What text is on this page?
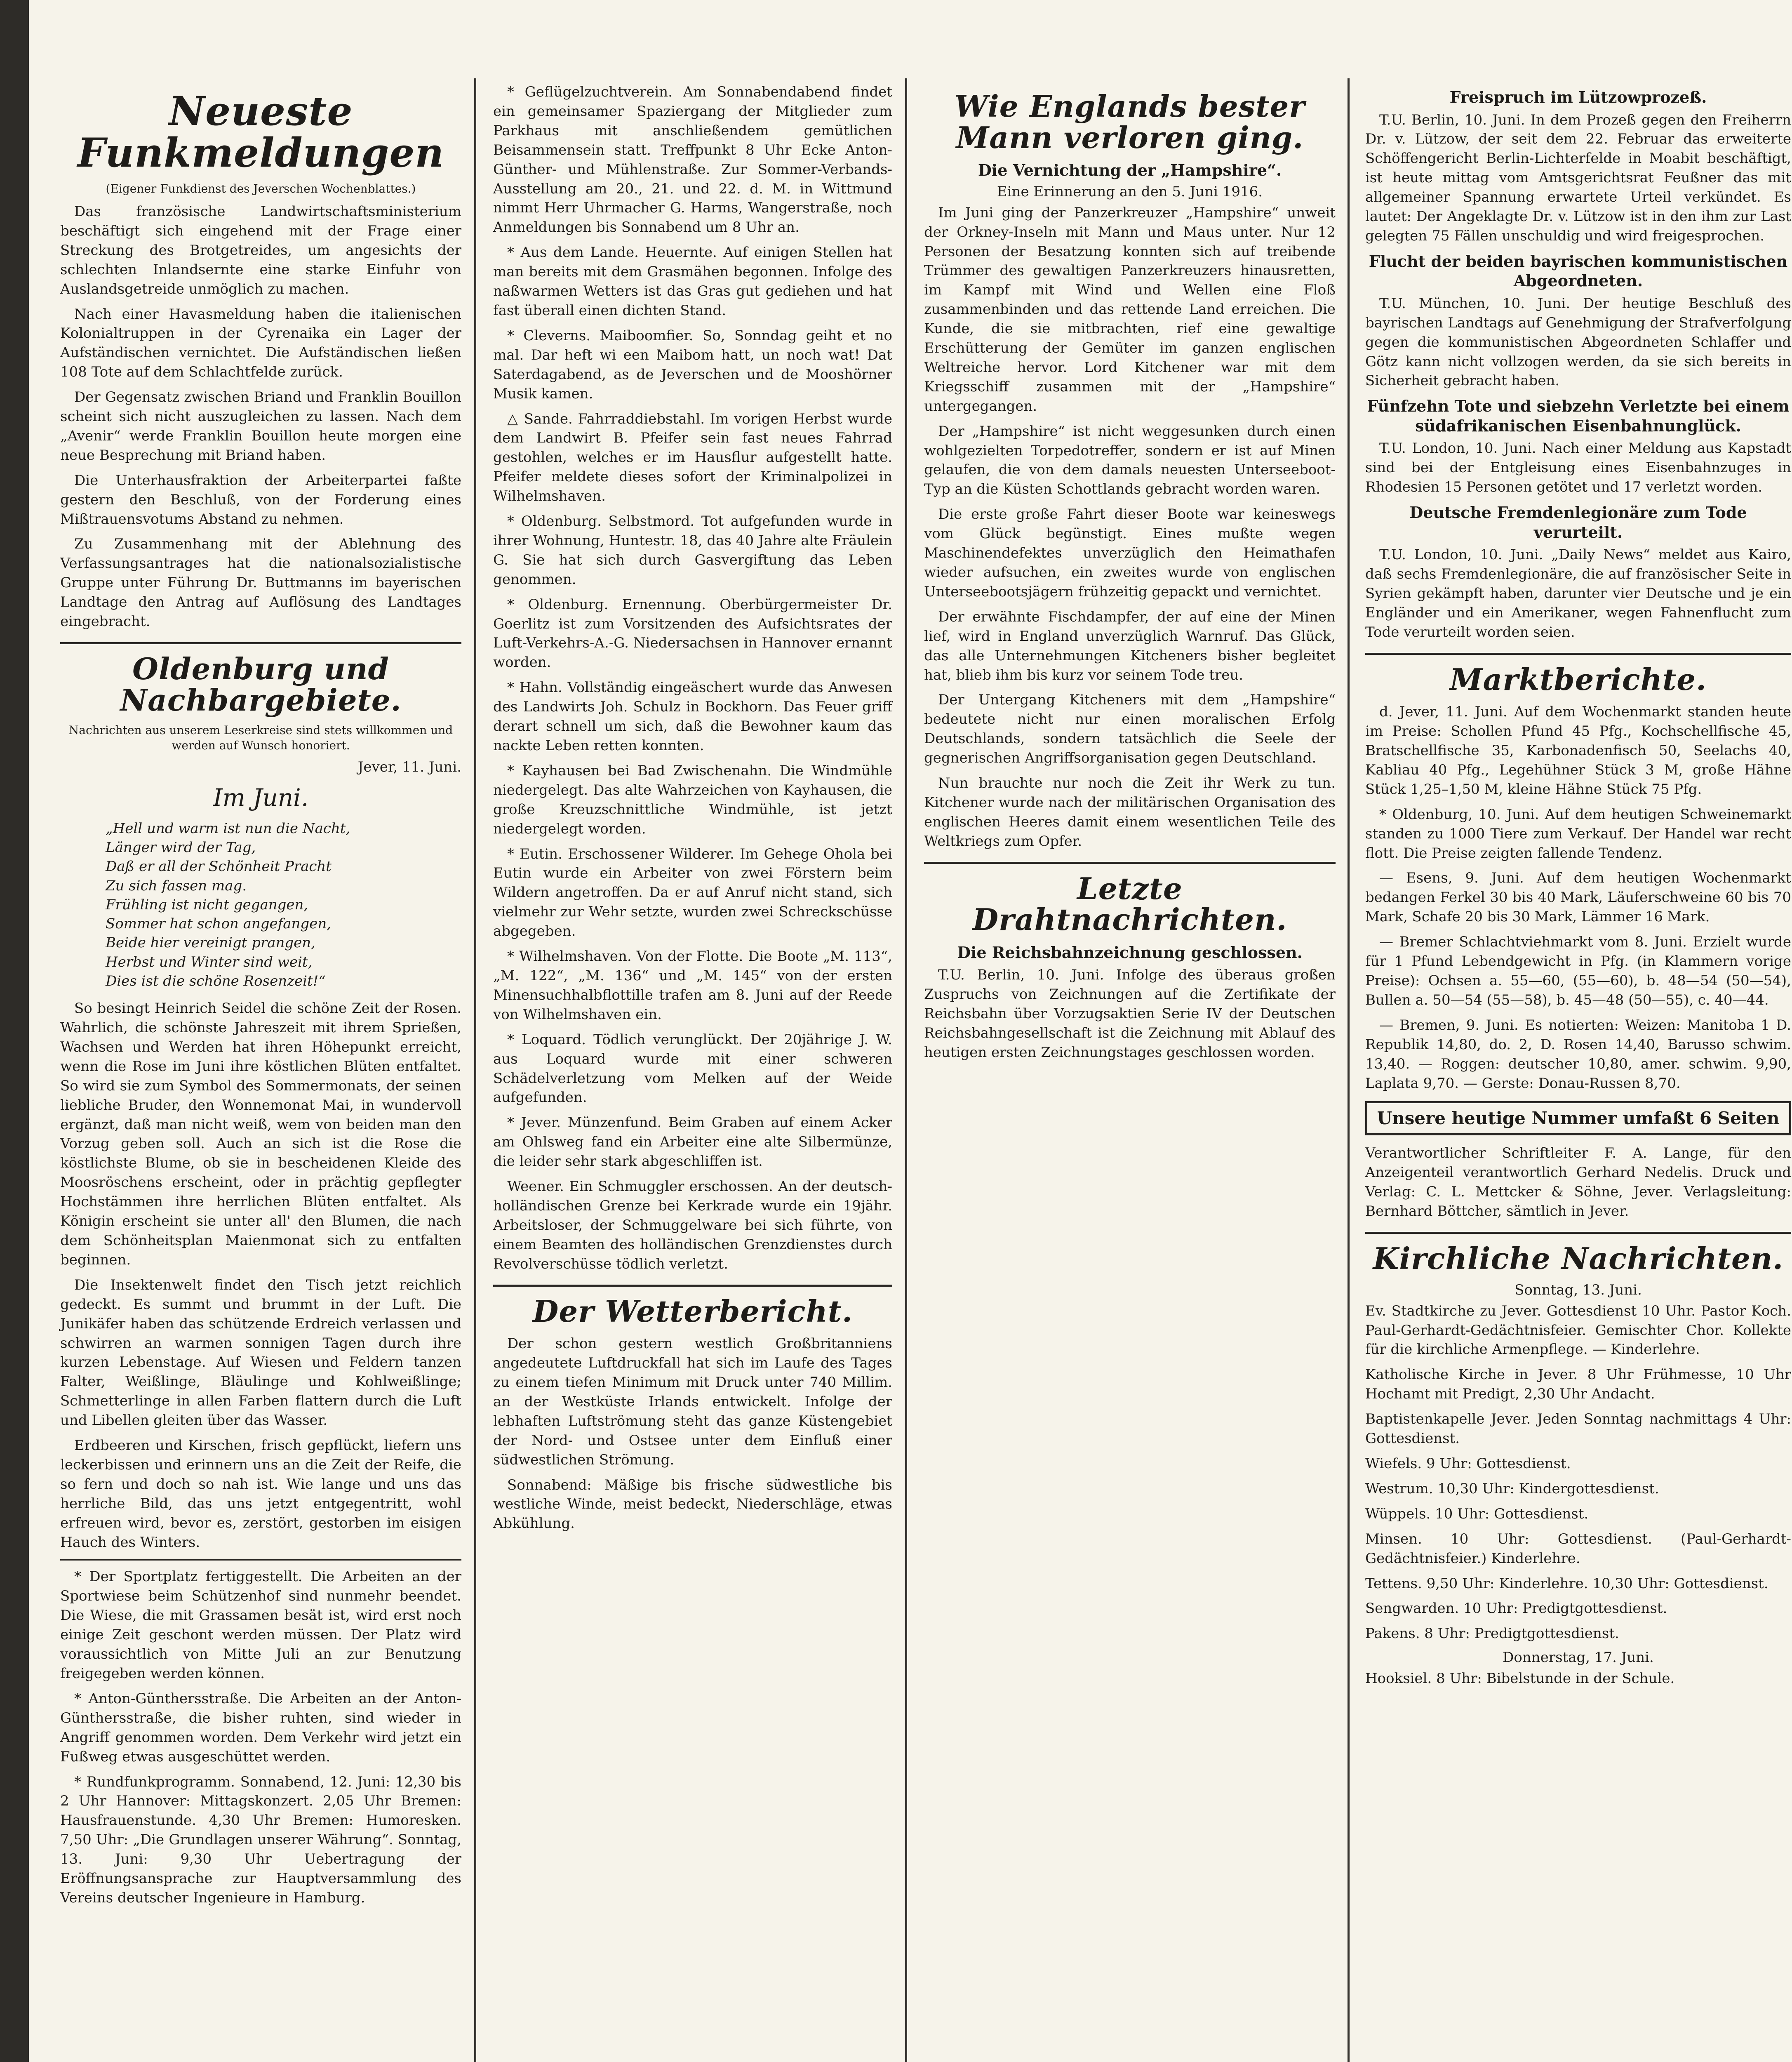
Neueste Funkmeldungen
(Eigener Funkdienst des Jeverschen Wochenblattes.)
Das französische Landwirtschaftsministerium beschäftigt sich eingehend mit der Frage einer Streckung des Brotgetreides, um angesichts der schlechten Inlandsernte eine starke Einfuhr von Auslandsgetreide unmöglich zu machen.
Nach einer Havasmeldung haben die italienischen Kolonialtruppen in der Cyrenaika ein Lager der Aufständischen vernichtet. Die Aufständischen ließen 108 Tote auf dem Schlachtfelde zurück.
Der Gegensatz zwischen Briand und Franklin Bouillon scheint sich nicht auszugleichen zu lassen. Nach dem „Avenir“ werde Franklin Bouillon heute morgen eine neue Besprechung mit Briand haben.
Die Unterhausfraktion der Arbeiterpartei faßte gestern den Beschluß, von der Forderung eines Mißtrauensvotums Abstand zu nehmen.
Zu Zusammenhang mit der Ablehnung des Verfassungsantrages hat die nationalsozialistische Gruppe unter Führung Dr. Buttmanns im bayerischen Landtage den Antrag auf Auflösung des Landtages eingebracht.
Oldenburg und Nachbargebiete.
Nachrichten aus unserem Leserkreise sind stets willkommen und werden auf Wunsch honoriert.
Jever, 11. Juni.
Im Juni.
„Hell und warm ist nun die Nacht,
Länger wird der Tag,
Daß er all der Schönheit Pracht
Zu sich fassen mag.
Frühling ist nicht gegangen,
Sommer hat schon angefangen,
Beide hier vereinigt prangen,
Herbst und Winter sind weit,
Dies ist die schöne Rosenzeit!“
So besingt Heinrich Seidel die schöne Zeit der Rosen. Wahrlich, die schönste Jahreszeit mit ihrem Sprießen, Wachsen und Werden hat ihren Höhepunkt erreicht, wenn die Rose im Juni ihre köstlichen Blüten entfaltet. So wird sie zum Symbol des Sommermonats, der seinen liebliche Bruder, den Wonnemonat Mai, in wundervoll ergänzt, daß man nicht weiß, wem von beiden man den Vorzug geben soll. Auch an sich ist die Rose die köstlichste Blume, ob sie in bescheidenen Kleide des Moosröschens erscheint, oder in prächtig gepflegter Hochstämmen ihre herrlichen Blüten entfaltet. Als Königin erscheint sie unter all' den Blumen, die nach dem Schönheitsplan Maienmonat sich zu entfalten beginnen.
Die Insektenwelt findet den Tisch jetzt reichlich gedeckt. Es summt und brummt in der Luft. Die Junikäfer haben das schützende Erdreich verlassen und schwirren an warmen sonnigen Tagen durch ihre kurzen Lebenstage. Auf Wiesen und Feldern tanzen Falter, Weißlinge, Bläulinge und Kohlweißlinge; Schmetterlinge in allen Farben flattern durch die Luft und Libellen gleiten über das Wasser.
Erdbeeren und Kirschen, frisch gepflückt, liefern uns leckerbissen und erinnern uns an die Zeit der Reife, die so fern und doch so nah ist. Wie lange und uns das herrliche Bild, das uns jetzt entgegentritt, wohl erfreuen wird, bevor es, zerstört, gestorben im eisigen Hauch des Winters.
* Der Sportplatz fertiggestellt. Die Arbeiten an der Sportwiese beim Schützenhof sind nunmehr beendet. Die Wiese, die mit Grassamen besät ist, wird erst noch einige Zeit geschont werden müssen. Der Platz wird voraussichtlich von Mitte Juli an zur Benutzung freigegeben werden können.
* Anton-Günthersstraße. Die Arbeiten an der Anton-Günthersstraße, die bisher ruhten, sind wieder in Angriff genommen worden. Dem Verkehr wird jetzt ein Fußweg etwas ausgeschüttet werden.
* Rundfunkprogramm. Sonnabend, 12. Juni: 12,30 bis 2 Uhr Hannover: Mittagskonzert. 2,05 Uhr Bremen: Hausfrauenstunde. 4,30 Uhr Bremen: Humoresken. 7,50 Uhr: „Die Grundlagen unserer Währung“. Sonntag, 13. Juni: 9,30 Uhr Uebertragung der Eröffnungsansprache zur Hauptversammlung des Vereins deutscher Ingenieure in Hamburg.
* Geflügelzuchtverein. Am Sonnabendabend findet ein gemeinsamer Spaziergang der Mitglieder zum Parkhaus mit anschließendem gemütlichen Beisammensein statt. Treffpunkt 8 Uhr Ecke Anton-Günther- und Mühlenstraße. Zur Sommer-Verbands-Ausstellung am 20., 21. und 22. d. M. in Wittmund nimmt Herr Uhrmacher G. Harms, Wangerstraße, noch Anmeldungen bis Sonnabend um 8 Uhr an.
* Aus dem Lande. Heuernte. Auf einigen Stellen hat man bereits mit dem Grasmähen begonnen. Infolge des naßwarmen Wetters ist das Gras gut gediehen und hat fast überall einen dichten Stand.
* Cleverns. Maiboomfier. So, Sonndag geiht et no mal. Dar heft wi een Maibom hatt, un noch wat! Dat Saterdagabend, as de Jeverschen und de Mooshörner Musik kamen.
△ Sande. Fahrraddiebstahl. Im vorigen Herbst wurde dem Landwirt B. Pfeifer sein fast neues Fahrrad gestohlen, welches er im Hausflur aufgestellt hatte. Pfeifer meldete dieses sofort der Kriminalpolizei in Wilhelmshaven.
* Oldenburg. Selbstmord. Tot aufgefunden wurde in ihrer Wohnung, Huntestr. 18, das 40 Jahre alte Fräulein G. Sie hat sich durch Gasvergiftung das Leben genommen.
* Oldenburg. Ernennung. Oberbürgermeister Dr. Goerlitz ist zum Vorsitzenden des Aufsichtsrates der Luft-Verkehrs-A.-G. Niedersachsen in Hannover ernannt worden.
* Hahn. Vollständig eingeäschert wurde das Anwesen des Landwirts Joh. Schulz in Bockhorn. Das Feuer griff derart schnell um sich, daß die Bewohner kaum das nackte Leben retten konnten.
* Kayhausen bei Bad Zwischenahn. Die Windmühle niedergelegt. Das alte Wahrzeichen von Kayhausen, die große Kreuzschnittliche Windmühle, ist jetzt niedergelegt worden.
* Eutin. Erschossener Wilderer. Im Gehege Ohola bei Eutin wurde ein Arbeiter von zwei Förstern beim Wildern angetroffen. Da er auf Anruf nicht stand, sich vielmehr zur Wehr setzte, wurden zwei Schreckschüsse abgegeben.
* Wilhelmshaven. Von der Flotte. Die Boote „M. 113“, „M. 122“, „M. 136“ und „M. 145“ von der ersten Minensuchhalbflottille trafen am 8. Juni auf der Reede von Wilhelmshaven ein.
* Loquard. Tödlich verunglückt. Der 20jährige J. W. aus Loquard wurde mit einer schweren Schädelverletzung vom Melken auf der Weide aufgefunden.
* Jever. Münzenfund. Beim Graben auf einem Acker am Ohlsweg fand ein Arbeiter eine alte Silbermünze, die leider sehr stark abgeschliffen ist.
Weener. Ein Schmuggler erschossen. An der deutsch-holländischen Grenze bei Kerkrade wurde ein 19jähr. Arbeitsloser, der Schmuggelware bei sich führte, von einem Beamten des holländischen Grenzdienstes durch Revolverschüsse tödlich verletzt.
Der Wetterbericht.
Der schon gestern westlich Großbritanniens angedeutete Luftdruckfall hat sich im Laufe des Tages zu einem tiefen Minimum mit Druck unter 740 Millim. an der Westküste Irlands entwickelt. Infolge der lebhaften Luftströmung steht das ganze Küstengebiet der Nord- und Ostsee unter dem Einfluß einer südwestlichen Strömung.
Sonnabend: Mäßige bis frische südwestliche bis westliche Winde, meist bedeckt, Niederschläge, etwas Abkühlung.
Wie Englands bester Mann verloren ging.
Die Vernichtung der „Hampshire“.
Eine Erinnerung an den 5. Juni 1916.
Im Juni ging der Panzerkreuzer „Hampshire“ unweit der Orkney-Inseln mit Mann und Maus unter. Nur 12 Personen der Besatzung konnten sich auf treibende Trümmer des gewaltigen Panzerkreuzers hinausretten, im Kampf mit Wind und Wellen eine Floß zusammenbinden und das rettende Land erreichen. Die Kunde, die sie mitbrachten, rief eine gewaltige Erschütterung der Gemüter im ganzen englischen Weltreiche hervor. Lord Kitchener war mit dem Kriegsschiff zusammen mit der „Hampshire“ untergegangen.
Der „Hampshire“ ist nicht weggesunken durch einen wohlgezielten Torpedotreffer, sondern er ist auf Minen gelaufen, die von dem damals neuesten Unterseeboot-Typ an die Küsten Schottlands gebracht worden waren.
Die erste große Fahrt dieser Boote war keineswegs vom Glück begünstigt. Eines mußte wegen Maschinendefektes unverzüglich den Heimathafen wieder aufsuchen, ein zweites wurde von englischen Unterseebootsjägern frühzeitig gepackt und vernichtet.
Der erwähnte Fischdampfer, der auf eine der Minen lief, wird in England unverzüglich Warnruf. Das Glück, das alle Unternehmungen Kitcheners bisher begleitet hat, blieb ihm bis kurz vor seinem Tode treu.
Der Untergang Kitcheners mit dem „Hampshire“ bedeutete nicht nur einen moralischen Erfolg Deutschlands, sondern tatsächlich die Seele der gegnerischen Angriffsorganisation gegen Deutschland.
Nun brauchte nur noch die Zeit ihr Werk zu tun. Kitchener wurde nach der militärischen Organisation des englischen Heeres damit einem wesentlichen Teile des Weltkriegs zum Opfer.
Letzte Drahtnachrichten.
Die Reichsbahnzeichnung geschlossen.
T.U. Berlin, 10. Juni. Infolge des überaus großen Zuspruchs von Zeichnungen auf die Zertifikate der Reichsbahn über Vorzugsaktien Serie IV der Deutschen Reichsbahngesellschaft ist die Zeichnung mit Ablauf des heutigen ersten Zeichnungstages geschlossen worden.
Freispruch im Lützowprozeß.
T.U. Berlin, 10. Juni. In dem Prozeß gegen den Freiherrn Dr. v. Lützow, der seit dem 22. Februar das erweiterte Schöffengericht Berlin-Lichterfelde in Moabit beschäftigt, ist heute mittag vom Amtsgerichtsrat Feußner das mit allgemeiner Spannung erwartete Urteil verkündet. Es lautet: Der Angeklagte Dr. v. Lützow ist in den ihm zur Last gelegten 75 Fällen unschuldig und wird freigesprochen.
Flucht der beiden bayrischen kommunistischen Abgeordneten.
T.U. München, 10. Juni. Der heutige Beschluß des bayrischen Landtags auf Genehmigung der Strafverfolgung gegen die kommunistischen Abgeordneten Schlaffer und Götz kann nicht vollzogen werden, da sie sich bereits in Sicherheit gebracht haben.
Fünfzehn Tote und siebzehn Verletzte bei einem südafrikanischen Eisenbahnunglück.
T.U. London, 10. Juni. Nach einer Meldung aus Kapstadt sind bei der Entgleisung eines Eisenbahnzuges in Rhodesien 15 Personen getötet und 17 verletzt worden.
Deutsche Fremdenlegionäre zum Tode verurteilt.
T.U. London, 10. Juni. „Daily News“ meldet aus Kairo, daß sechs Fremdenlegionäre, die auf französischer Seite in Syrien gekämpft haben, darunter vier Deutsche und je ein Engländer und ein Amerikaner, wegen Fahnenflucht zum Tode verurteilt worden seien.
Marktberichte.
d. Jever, 11. Juni. Auf dem Wochenmarkt standen heute im Preise: Schollen Pfund 45 Pfg., Kochschellfische 45, Bratschellfische 35, Karbonadenfisch 50, Seelachs 40, Kabliau 40 Pfg., Legehühner Stück 3 M, große Hähne Stück 1,25–1,50 M, kleine Hähne Stück 75 Pfg.
* Oldenburg, 10. Juni. Auf dem heutigen Schweinemarkt standen zu 1000 Tiere zum Verkauf. Der Handel war recht flott. Die Preise zeigten fallende Tendenz.
— Esens, 9. Juni. Auf dem heutigen Wochenmarkt bedangen Ferkel 30 bis 40 Mark, Läuferschweine 60 bis 70 Mark, Schafe 20 bis 30 Mark, Lämmer 16 Mark.
— Bremer Schlachtviehmarkt vom 8. Juni. Erzielt wurde für 1 Pfund Lebendgewicht in Pfg. (in Klammern vorige Preise): Ochsen a. 55—60, (55—60), b. 48—54 (50—54), Bullen a. 50—54 (55—58), b. 45—48 (50—55), c. 40—44.
— Bremen, 9. Juni. Es notierten: Weizen: Manitoba 1 D. Republik 14,80, do. 2, D. Rosen 14,40, Barusso schwim. 13,40. — Roggen: deutscher 10,80, amer. schwim. 9,90, Laplata 9,70. — Gerste: Donau-Russen 8,70.
Unsere heutige Nummer umfaßt 6 Seiten
Verantwortlicher Schriftleiter F. A. Lange, für den Anzeigenteil verantwortlich Gerhard Nedelis. Druck und Verlag: C. L. Mettcker & Söhne, Jever. Verlagsleitung: Bernhard Böttcher, sämtlich in Jever.
Kirchliche Nachrichten.
Sonntag, 13. Juni.
Ev. Stadtkirche zu Jever. Gottesdienst 10 Uhr. Pastor Koch. Paul-Gerhardt-Gedächtnisfeier. Gemischter Chor. Kollekte für die kirchliche Armenpflege. — Kinderlehre.
Katholische Kirche in Jever. 8 Uhr Frühmesse, 10 Uhr Hochamt mit Predigt, 2,30 Uhr Andacht.
Baptistenkapelle Jever. Jeden Sonntag nachmittags 4 Uhr: Gottesdienst.
Wiefels. 9 Uhr: Gottesdienst.
Westrum. 10,30 Uhr: Kindergottesdienst.
Wüppels. 10 Uhr: Gottesdienst.
Minsen. 10 Uhr: Gottesdienst. (Paul-Gerhardt-Gedächtnisfeier.) Kinderlehre.
Tettens. 9,50 Uhr: Kinderlehre. 10,30 Uhr: Gottesdienst.
Sengwarden. 10 Uhr: Predigtgottesdienst.
Pakens. 8 Uhr: Predigtgottesdienst.
Donnerstag, 17. Juni.
Hooksiel. 8 Uhr: Bibelstunde in der Schule.
